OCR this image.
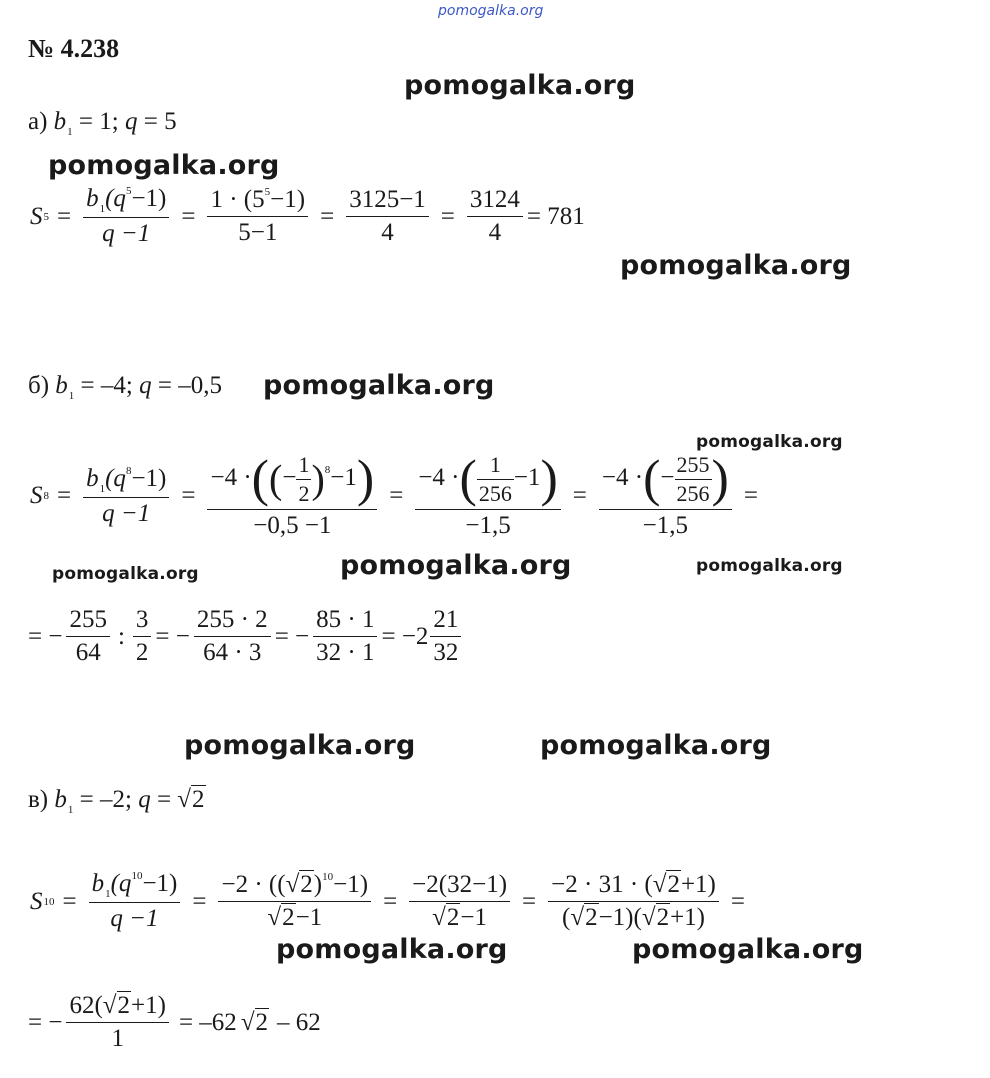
pomogalka.org
№ 4.238
а) $b_1 = 1$; q = 5
S $5 = \frac{b_1(q^5-1)}{q -1} = \frac{1 \cdot (5^5-1)}{5-1} = \frac{3125-1}{4} = \frac{3124}{4} = 781$
б) $b_1 = -4$; q = –0,5
S $8 = \frac{b_1(q^8-1)}{q -1} = \frac{-4 \cdot((- \frac{1}{2} )^8-1)}{-0,5 -1} = \frac{-4 \cdot( \frac{1}{256} -1)}{-1,5} = \frac{-4 \cdot(- \frac{255}{256} )}{-1,5}$ =
= − $\frac{255}{64}$ : $\frac{3}{2}$ = − $\frac{255 \cdot 2}{64 \cdot 3}$ = − $\frac{85 \cdot 1}{32 \cdot 1} = -2 \frac{21}{32}$
в) $b_1 = -2$; q = √2
S $10 = \frac{b_1(q^{10}-1)}{q -1} = \frac{-2 \cdot ((√2)^{10}-1)}{√2-1} = \frac{-2(32-1)}{√2-1} = \frac{-2 \cdot 31 \cdot (√2+1)}{(√2-1)(√2+1)}$ =
= − $\frac{62(√2+1)}{1} = -62$ √2 – 62
pomogalka.org
pomogalka.org
pomogalka.org
pomogalka.org
pomogalka.org
pomogalka.org	pomogalka.org	pomogalka.org
pomogalka.org	pomogalka.org
pomogalka.org	pomogalka.org
